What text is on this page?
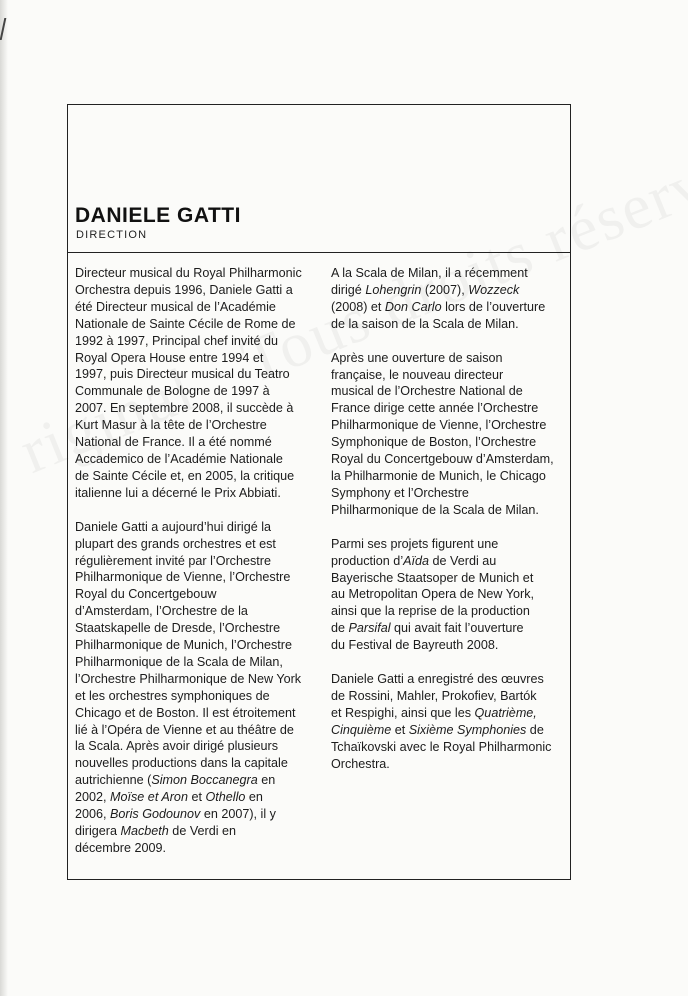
DANIELE GATTI
DIRECTION
Directeur musical du Royal Philharmonic
Orchestra depuis 1996, Daniele Gatti a
été Directeur musical de l’Académie
Nationale de Sainte Cécile de Rome de
1992 à 1997, Principal chef invité du
Royal Opera House entre 1994 et
1997, puis Directeur musical du Teatro
Communale de Bologne de 1997 à
2007. En septembre 2008, il succède à
Kurt Masur à la tête de l’Orchestre
National de France. Il a été nommé
Accademico de l’Académie Nationale
de Sainte Cécile et, en 2005, la critique
italienne lui a décerné le Prix Abbiati.
Daniele Gatti a aujourd’hui dirigé la
plupart des grands orchestres et est
régulièrement invité par l’Orchestre
Philharmonique de Vienne, l’Orchestre
Royal du Concertgebouw
d’Amsterdam, l’Orchestre de la
Staatskapelle de Dresde, l’Orchestre
Philharmonique de Munich, l’Orchestre
Philharmonique de la Scala de Milan,
l’Orchestre Philharmonique de New York
et les orchestres symphoniques de
Chicago et de Boston. Il est étroitement
lié à l’Opéra de Vienne et au théâtre de
la Scala. Après avoir dirigé plusieurs
nouvelles productions dans la capitale
autrichienne (Simon Boccanegra en
2002, Moïse et Aron et Othello en
2006, Boris Godounov en 2007), il y
dirigera Macbeth de Verdi en
décembre 2009.
A la Scala de Milan, il a récemment
dirigé Lohengrin (2007), Wozzeck
(2008) et Don Carlo lors de l’ouverture
de la saison de la Scala de Milan.
Après une ouverture de saison
française, le nouveau directeur
musical de l’Orchestre National de
France dirige cette année l’Orchestre
Philharmonique de Vienne, l’Orchestre
Symphonique de Boston, l’Orchestre
Royal du Concertgebouw d’Amsterdam,
la Philharmonie de Munich, le Chicago
Symphony et l’Orchestre
Philharmonique de la Scala de Milan.
Parmi ses projets figurent une
production d’Aïda de Verdi au
Bayerische Staatsoper de Munich et
au Metropolitan Opera de New York,
ainsi que la reprise de la production
de Parsifal qui avait fait l’ouverture
du Festival de Bayreuth 2008.
Daniele Gatti a enregistré des œuvres
de Rossini, Mahler, Prokofiev, Bartók
et Respighi, ainsi que les Quatrième,
Cinquième et Sixième Symphonies de
Tchaïkovski avec le Royal Philharmonic
Orchestra.
